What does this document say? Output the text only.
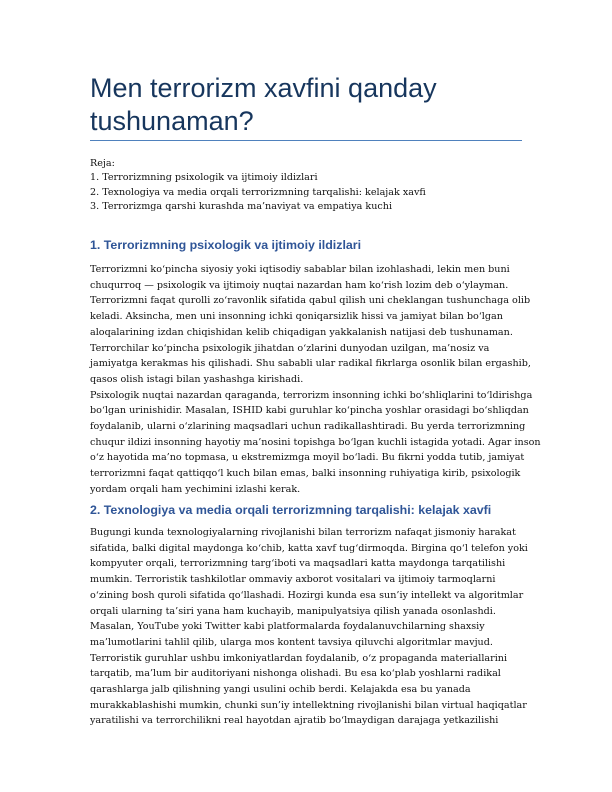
Men terrorizm xavfini qanday
tushunaman?
Reja:
1. Terrorizmning psixologik va ijtimoiy ildizlari
2. Texnologiya va media orqali terrorizmning tarqalishi: kelajak xavfi
3. Terrorizmga qarshi kurashda ma’naviyat va empatiya kuchi
1. Terrorizmning psixologik va ijtimoiy ildizlari
Terrorizmni ko‘pincha siyosiy yoki iqtisodiy sabablar bilan izohlashadi, lekin men buni
chuqurroq — psixologik va ijtimoiy nuqtai nazardan ham ko‘rish lozim deb o‘ylayman.
Terrorizmni faqat qurolli zo‘ravonlik sifatida qabul qilish uni cheklangan tushunchaga olib
keladi. Aksincha, men uni insonning ichki qoniqarsizlik hissi va jamiyat bilan bo‘lgan
aloqalarining izdan chiqishidan kelib chiqadigan yakkalanish natijasi deb tushunaman.
Terrorchilar ko‘pincha psixologik jihatdan o‘zlarini dunyodan uzilgan, ma’nosiz va
jamiyatga kerakmas his qilishadi. Shu sababli ular radikal fikrlarga osonlik bilan ergashib,
qasos olish istagi bilan yashashga kirishadi.
Psixologik nuqtai nazardan qaraganda, terrorizm insonning ichki bo‘shliqlarini to‘ldirishga
bo‘lgan urinishidir. Masalan, ISHID kabi guruhlar ko‘pincha yoshlar orasidagi bo‘shliqdan
foydalanib, ularni o‘zlarining maqsadlari uchun radikallashtiradi. Bu yerda terrorizmning
chuqur ildizi insonning hayotiy ma’nosini topishga bo‘lgan kuchli istagida yotadi. Agar inson
o‘z hayotida ma’no topmasa, u ekstremizmga moyil bo‘ladi. Bu fikrni yodda tutib, jamiyat
terrorizmni faqat qattiqqo‘l kuch bilan emas, balki insonning ruhiyatiga kirib, psixologik
yordam orqali ham yechimini izlashi kerak.
2. Texnologiya va media orqali terrorizmning tarqalishi: kelajak xavfi
Bugungi kunda texnologiyalarning rivojlanishi bilan terrorizm nafaqat jismoniy harakat
sifatida, balki digital maydonga ko‘chib, katta xavf tug‘dirmoqda. Birgina qo‘l telefon yoki
kompyuter orqali, terrorizmning targ‘iboti va maqsadlari katta maydonga tarqatilishi
mumkin. Terroristik tashkilotlar ommaviy axborot vositalari va ijtimoiy tarmoqlarni
o‘zining bosh quroli sifatida qo‘llashadi. Hozirgi kunda esa sun’iy intellekt va algoritmlar
orqali ularning ta’siri yana ham kuchayib, manipulyatsiya qilish yanada osonlashdi.
Masalan, YouTube yoki Twitter kabi platformalarda foydalanuvchilarning shaxsiy
ma’lumotlarini tahlil qilib, ularga mos kontent tavsiya qiluvchi algoritmlar mavjud.
Terroristik guruhlar ushbu imkoniyatlardan foydalanib, o‘z propaganda materiallarini
tarqatib, ma’lum bir auditoriyani nishonga olishadi. Bu esa ko‘plab yoshlarni radikal
qarashlarga jalb qilishning yangi usulini ochib berdi. Kelajakda esa bu yanada
murakkablashishi mumkin, chunki sun’iy intellektning rivojlanishi bilan virtual haqiqatlar
yaratilishi va terrorchilikni real hayotdan ajratib bo‘lmaydigan darajaga yetkazilishi
